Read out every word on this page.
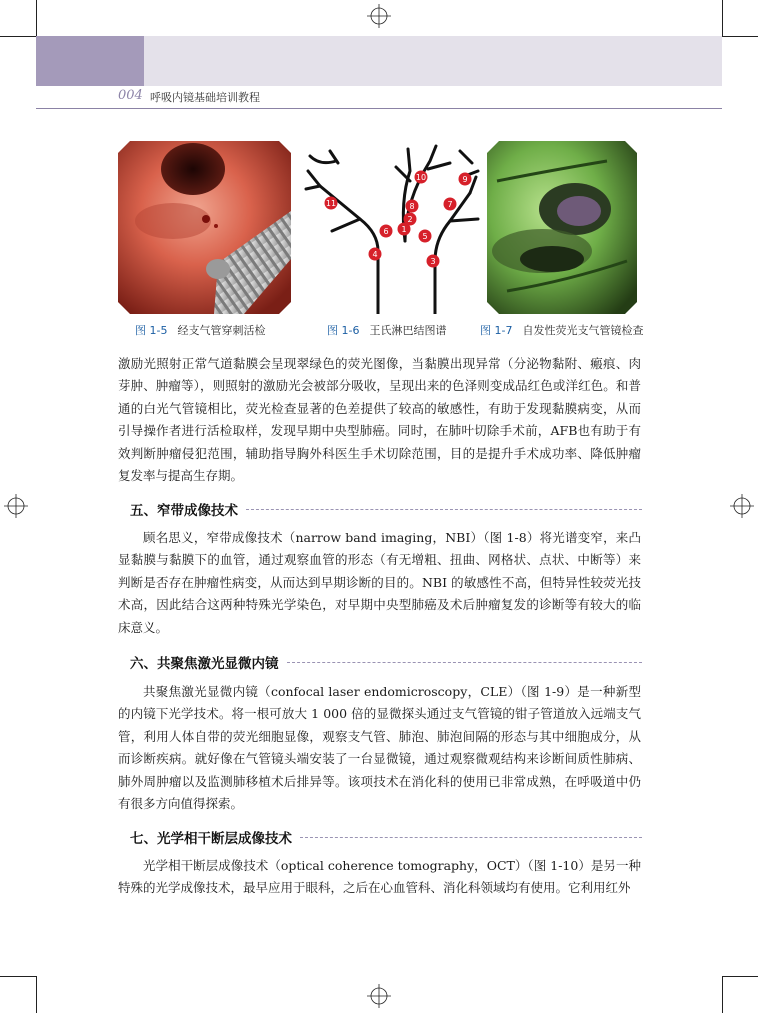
004 呼吸内镜基础培训教程
1
2
3
4
5
6
7
8
9
10
11
图 1-5 经支气管穿刺活检	图 1-6 王氏淋巴结图谱	图 1-7 自发性荧光支气管镜检查

激励光照射正常气道黏膜会呈现翠绿色的荧光图像，当黏膜出现异常（分泌物黏附、瘢痕、肉芽肿、肿瘤等），则照射的激励光会被部分吸收，呈现出来的色泽则变成品红色或洋红色。和普通的白光气管镜相比，荧光检查显著的色差提供了较高的敏感性，有助于发现黏膜病变，从而引导操作者进行活检取样，发现早期中央型肺癌。同时，在肺叶切除手术前，AFB也有助于有效判断肿瘤侵犯范围，辅助指导胸外科医生手术切除范围，目的是提升手术成功率、降低肿瘤复发率与提高生存期。

五、窄带成像技术

顾名思义，窄带成像技术（narrow band imaging，NBI）（图 1-8）将光谱变窄，来凸显黏膜与黏膜下的血管，通过观察血管的形态（有无增粗、扭曲、网格状、点状、中断等）来判断是否存在肿瘤性病变，从而达到早期诊断的目的。NBI 的敏感性不高，但特异性较荧光技术高，因此结合这两种特殊光学染色，对早期中央型肺癌及术后肿瘤复发的诊断等有较大的临床意义。

六、共聚焦激光显微内镜

共聚焦激光显微内镜（confocal laser endomicroscopy，CLE）（图 1-9）是一种新型的内镜下光学技术。将一根可放大 1 000 倍的显微探头通过支气管镜的钳子管道放入远端支气管，利用人体自带的荧光细胞显像，观察支气管、肺泡、肺泡间隔的形态与其中细胞成分，从而诊断疾病。就好像在气管镜头端安装了一台显微镜，通过观察微观结构来诊断间质性肺病、肺外周肿瘤以及监测肺移植术后排异等。该项技术在消化科的使用已非常成熟，在呼吸道中仍有很多方向值得探索。

七、光学相干断层成像技术

光学相干断层成像技术（optical coherence tomography，OCT）（图 1-10）是另一种特殊的光学成像技术，最早应用于眼科，之后在心血管科、消化科领域均有使用。它利用红外
